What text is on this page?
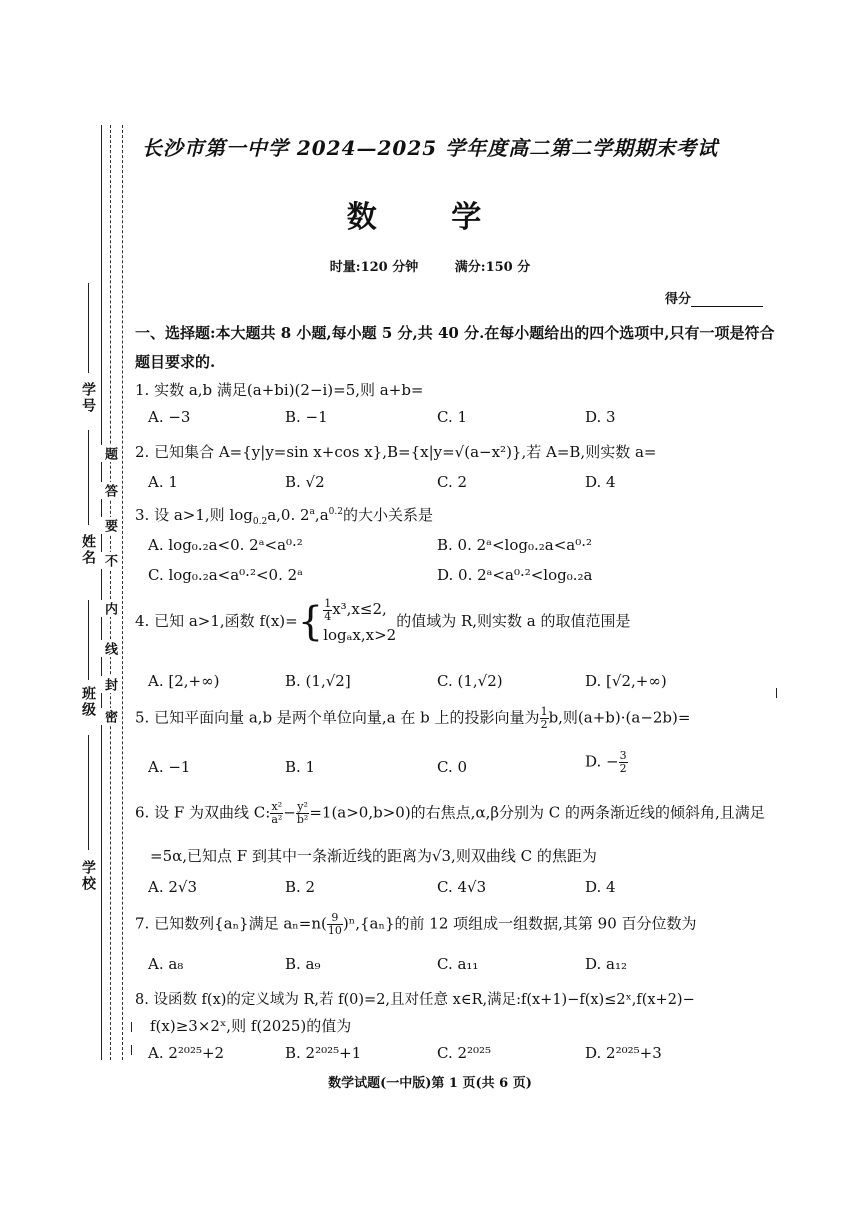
学号
姓名
班级
学校
题
答
要
不
内
线
封
密
长沙市第一中学 2024—2025 学年度高二第二学期期末考试
数 学
时量:120 分钟	满分:150 分
得分
一、选择题:本大题共 8 小题,每小题 5 分,共 40 分.在每小题给出的四个选项中,只有一项是符合题目要求的.
1. 实数 a,b 满足(a+bi)(2−i)=5,则 a+b=
A. −3	B. −1	C. 1	D. 3
2. 已知集合 A={y|y=sin x+cos x},B={x|y=√(a−x²)},若 A=B,则实数 a=
A. 1	B. √2	C. 2	D. 4
3. 设 a>1,则 $\log_{0.2}a,0$. $2^a,a^{0.2}$的大小关系是
A. log₀.₂a<0. 2ᵃ<a⁰·²	B. 0. 2ᵃ<log₀.₂a<a⁰·²
C. log₀.₂a<a⁰·²<0. 2ᵃ	D. 0. 2ᵃ<a⁰·²<log₀.₂a
4. 已知 a>1,函数 $f(x)=\{ \frac{1}{4} x^3,x\le 2$,
logₐx,x>2
的值域为 R,则实数 a 的取值范围是
A. [2,+∞)	B. (1,√2]	C. (1,√2)	D. [√2,+∞)
5. 已知平面向量 a,b 是两个单位向量,a 在 b 上的投影向量为 $\frac{1}{2} b$,则(a+b)·(a−2b)=
A. −1	B. 1	C. 0	D. − $\frac{3}{2}$
6. 设 F 为双曲线 C: $\frac{\text{x²}}{\text{a²}} - \frac{\text{y²}}{\text{b²}} =1(a>0,b>0)$的右焦点,α,β分别为 C 的两条渐近线的倾斜角,且满足
=5α,已知点 F 到其中一条渐近线的距离为√3,则双曲线 C 的焦距为
A. 2√3	B. 2	C. 4√3	D. 4
7. 已知数列{aₙ}满足 $a_n=n( \frac{9}{10} )^n,\{a_n\}$的前 12 项组成一组数据,其第 90 百分位数为
A. a₈	B. a₉	C. a₁₁	D. a₁₂
8. 设函数 f(x)的定义域为 R,若 f(0)=2,且对任意 x∈R,满足:f(x+1)−f(x)≤2ˣ,f(x+2)−
f(x)≥3×2ˣ,则 f(2025)的值为
A. 2²⁰²⁵+2	B. 2²⁰²⁵+1	C. 2²⁰²⁵	D. 2²⁰²⁵+3
数学试题(一中版)第 1 页(共 6 页)
